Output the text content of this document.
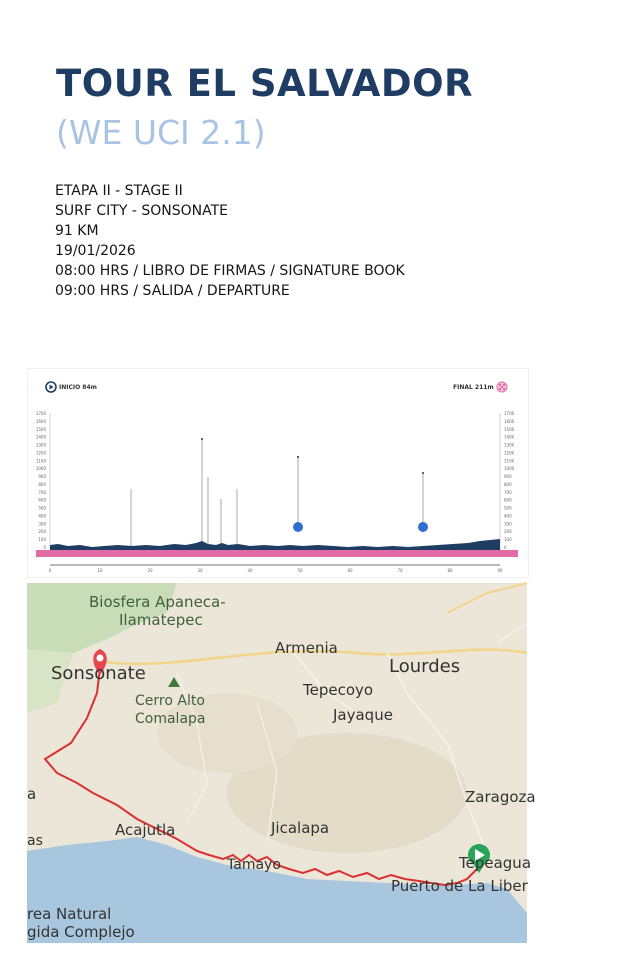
TOUR EL SALVADOR
(WE UCI 2.1)
ETAPA II - STAGE II
SURF CITY - SONSONATE
91 KM
19/01/2026
08:00 HRS / LIBRO DE FIRMAS / SIGNATURE BOOK
09:00 HRS / SALIDA / DEPARTURE
INICIO 84m	FINAL 211m
1700	1700
1600	1600
1500	1500
1400	1400
1300	1300
1200	1200
1100	1100
1000	1000
900	900
800	800
700	700
600	600
500	500
400	400
300	300
200	200
100	100
0	0
0	10	20	30	40	50	60	70	80	90
Biosfera Apaneca-
Ilamatepec
Sonsonate
Armenia
Lourdes
Tepecoyo
Jayaque
Cerro Alto
Comalapa
Acajutla	Jicalapa
Zaragoza
Tepeagua
Puerto de La Liber
Tamayo
a
as
rea Natural
gida Complejo
